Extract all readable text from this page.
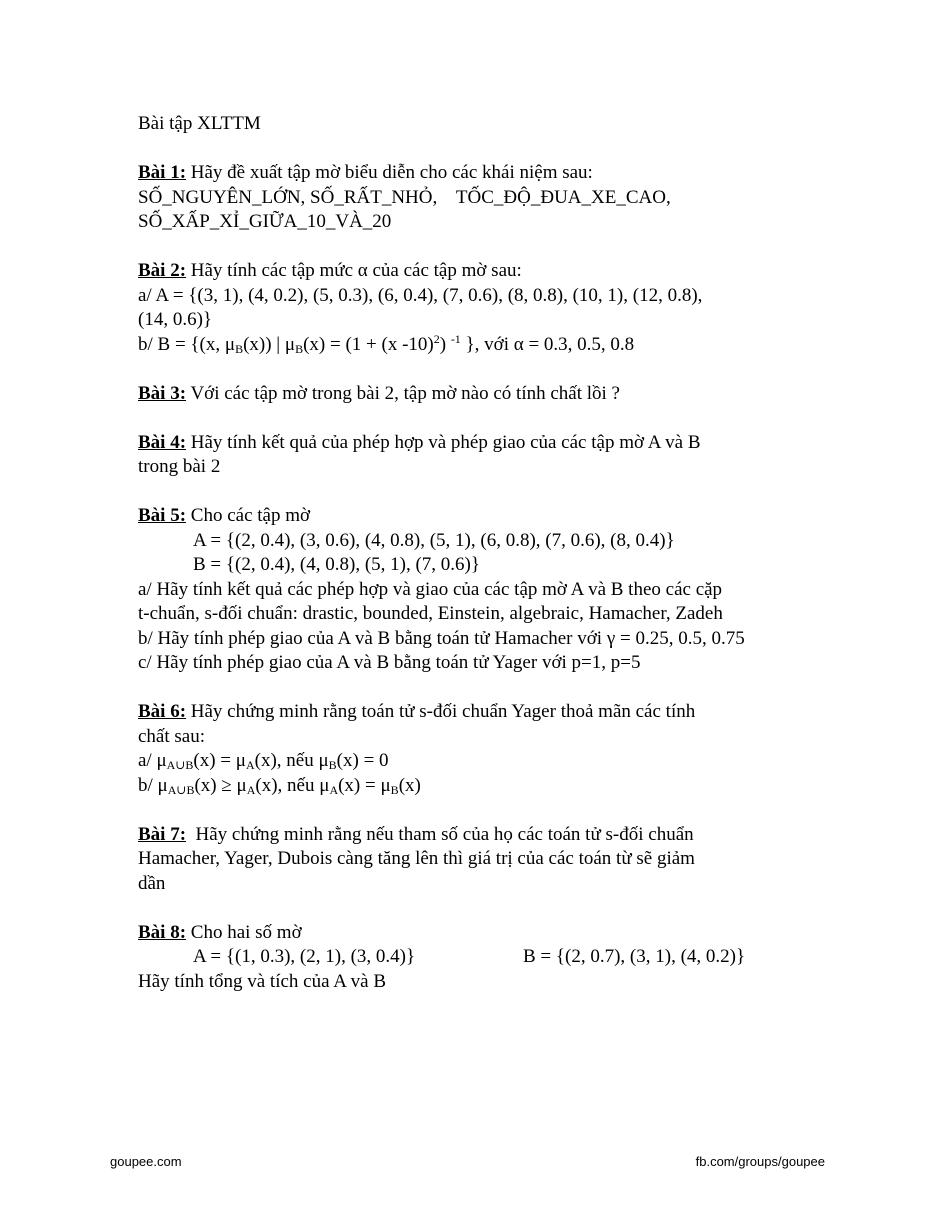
Bài tập XLTTM

Bài 1: Hãy đề xuất tập mờ biểu diễn cho các khái niệm sau:

SỐ_NGUYÊN_LỚN, SỐ_RẤT_NHỎ,    TỐC_ĐỘ_ĐUA_XE_CAO,

SỐ_XẤP_XỈ_GIỮA_10_VÀ_20

Bài 2: Hãy tính các tập mức α của các tập mờ sau:

a/ A = {(3, 1), (4, 0.2), (5, 0.3), (6, 0.4), (7, 0.6), (8, 0.8), (10, 1), (12, 0.8),

(14, 0.6)}

b/ B = {(x, $\mu_B(x)$) | $\mu_B(x) = (1 + (x$ -10)$^2$) $^{-1}$ }, với α = 0.3, 0.5, 0.8

Bài 3: Với các tập mờ trong bài 2, tập mờ nào có tính chất lồi ?

Bài 4: Hãy tính kết quả của phép hợp và phép giao của các tập mờ A và B

trong bài 2

Bài 5: Cho các tập mờ

A = {(2, 0.4), (3, 0.6), (4, 0.8), (5, 1), (6, 0.8), (7, 0.6), (8, 0.4)}

B = {(2, 0.4), (4, 0.8), (5, 1), (7, 0.6)}

a/ Hãy tính kết quả các phép hợp và giao của các tập mờ A và B theo các cặp

t-chuẩn, s-đối chuẩn: drastic, bounded, Einstein, algebraic, Hamacher, Zadeh

b/ Hãy tính phép giao của A và B bằng toán tử Hamacher với γ = 0.25, 0.5, 0.75

c/ Hãy tính phép giao của A và B bằng toán tử Yager với p=1, p=5

Bài 6: Hãy chứng minh rằng toán tử s-đối chuẩn Yager thoả mãn các tính

chất sau:

a/ $\mu_{A\cup B}(x) = \mu_A(x)$, nếu $\mu_B(x) = 0$

b/ $\mu_{A\cup B}(x) \ge \mu_A(x)$, nếu $\mu_A(x) = \mu_B(x)$

Bài 7:  Hãy chứng minh rằng nếu tham số của họ các toán tử s-đối chuẩn

Hamacher, Yager, Dubois càng tăng lên thì giá trị của các toán từ sẽ giảm

dần

Bài 8: Cho hai số mờ

A = {(1, 0.3), (2, 1), (3, 0.4)}	B = {(2, 0.7), (3, 1), (4, 0.2)}

Hãy tính tổng và tích của A và B

goupee.com	fb.com/groups/goupee
